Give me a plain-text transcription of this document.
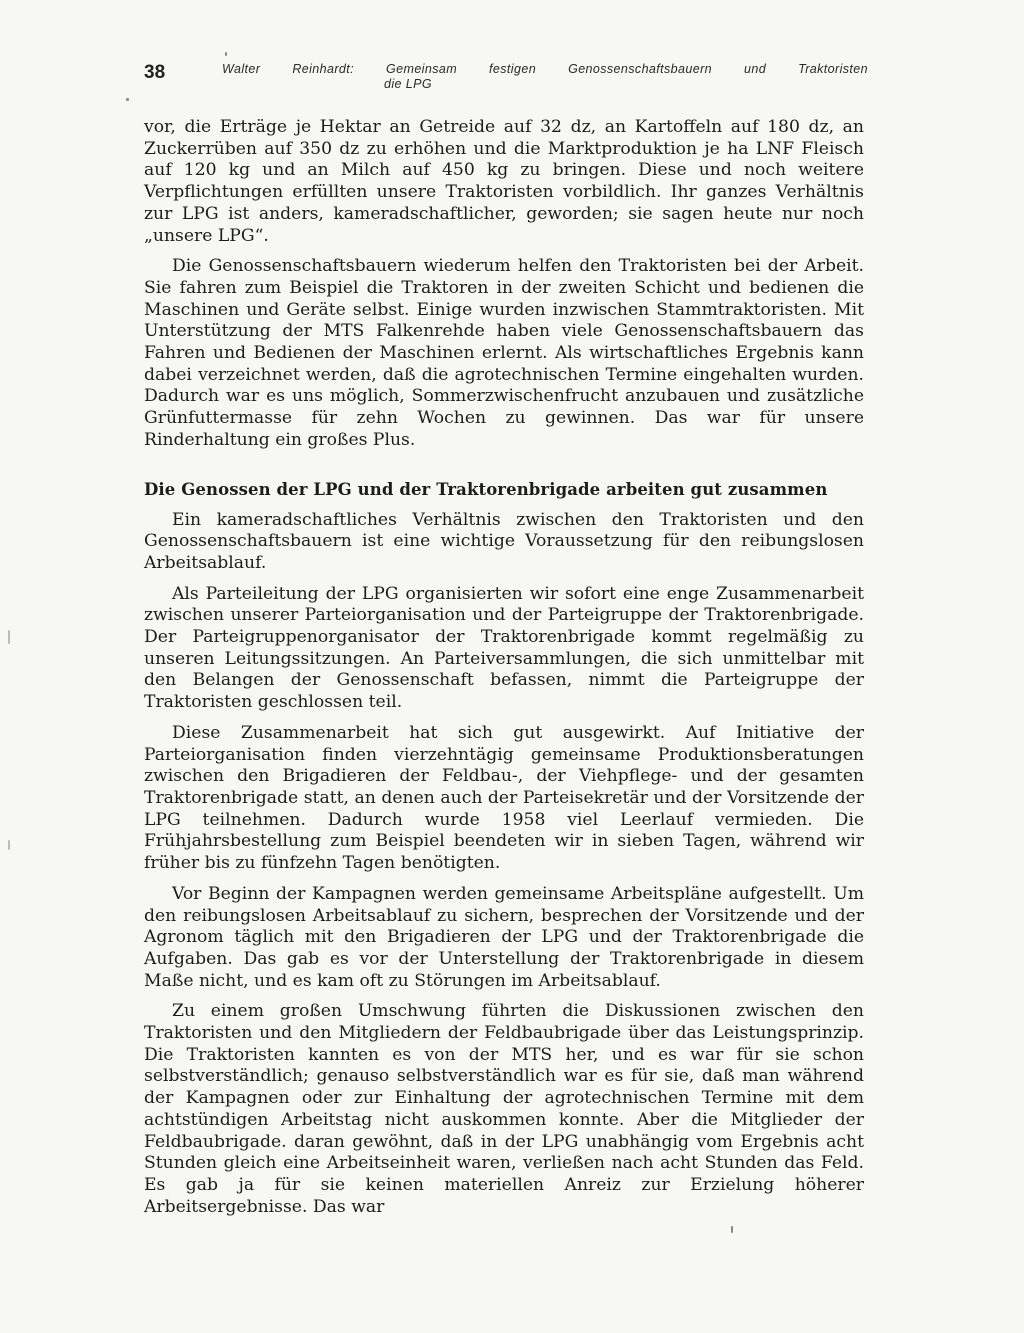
38	Walter Reinhardt: Gemeinsam festigen Genossenschaftsbauern und Traktoristen
die LPG

vor, die Erträge je Hektar an Getreide auf 32 dz, an Kartoffeln auf 180 dz, an Zuckerrüben auf 350 dz zu erhöhen und die Marktproduktion je ha LNF Fleisch auf 120 kg und an Milch auf 450 kg zu bringen. Diese und noch weitere Verpflichtungen erfüllten unsere Traktoristen vorbildlich. Ihr ganzes Verhältnis zur LPG ist anders, kameradschaftlicher, geworden; sie sagen heute nur noch „unsere LPG“.

Die Genossenschaftsbauern wiederum helfen den Traktoristen bei der Arbeit. Sie fahren zum Beispiel die Traktoren in der zweiten Schicht und bedienen die Maschinen und Geräte selbst. Einige wurden inzwischen Stammtraktoristen. Mit Unterstützung der MTS Falkenrehde haben viele Genossenschaftsbauern das Fahren und Bedienen der Maschinen erlernt. Als wirtschaftliches Ergebnis kann dabei verzeichnet werden, daß die agrotechnischen Termine eingehalten wurden. Dadurch war es uns möglich, Sommerzwischenfrucht anzubauen und zusätzliche Grünfuttermasse für zehn Wochen zu gewinnen. Das war für unsere Rinderhaltung ein großes Plus.

Die Genossen der LPG und der Traktorenbrigade arbeiten gut zusammen

Ein kameradschaftliches Verhältnis zwischen den Traktoristen und den Genossenschaftsbauern ist eine wichtige Voraussetzung für den reibungslosen Arbeitsablauf.

Als Parteileitung der LPG organisierten wir sofort eine enge Zusammenarbeit zwischen unserer Parteiorganisation und der Parteigruppe der Traktorenbrigade. Der Parteigruppenorganisator der Traktorenbrigade kommt regelmäßig zu unseren Leitungssitzungen. An Parteiversammlungen, die sich unmittelbar mit den Belangen der Genossenschaft befassen, nimmt die Parteigruppe der Traktoristen geschlossen teil.

Diese Zusammenarbeit hat sich gut ausgewirkt. Auf Initiative der Parteiorganisation finden vierzehntägig gemeinsame Produktionsberatungen zwischen den Brigadieren der Feldbau-, der Viehpflege- und der gesamten Traktorenbrigade statt, an denen auch der Parteisekretär und der Vorsitzende der LPG teilnehmen. Dadurch wurde 1958 viel Leerlauf vermieden. Die Frühjahrsbestellung zum Beispiel beendeten wir in sieben Tagen, während wir früher bis zu fünfzehn Tagen benötigten.

Vor Beginn der Kampagnen werden gemeinsame Arbeitspläne aufgestellt. Um den reibungslosen Arbeitsablauf zu sichern, besprechen der Vorsitzende und der Agronom täglich mit den Brigadieren der LPG und der Traktorenbrigade die Aufgaben. Das gab es vor der Unterstellung der Traktorenbrigade in diesem Maße nicht, und es kam oft zu Störungen im Arbeitsablauf.

Zu einem großen Umschwung führten die Diskussionen zwischen den Traktoristen und den Mitgliedern der Feldbaubrigade über das Leistungsprinzip. Die Traktoristen kannten es von der MTS her, und es war für sie schon selbstverständlich; genauso selbstverständlich war es für sie, daß man während der Kampagnen oder zur Einhaltung der agrotechnischen Termine mit dem achtstündigen Arbeitstag nicht auskommen konnte. Aber die Mitglieder der Feldbaubrigade. daran gewöhnt, daß in der LPG unabhängig vom Ergebnis acht Stunden gleich eine Arbeitseinheit waren, verließen nach acht Stunden das Feld. Es gab ja für sie keinen materiellen Anreiz zur Erzielung höherer Arbeitsergebnisse. Das war
